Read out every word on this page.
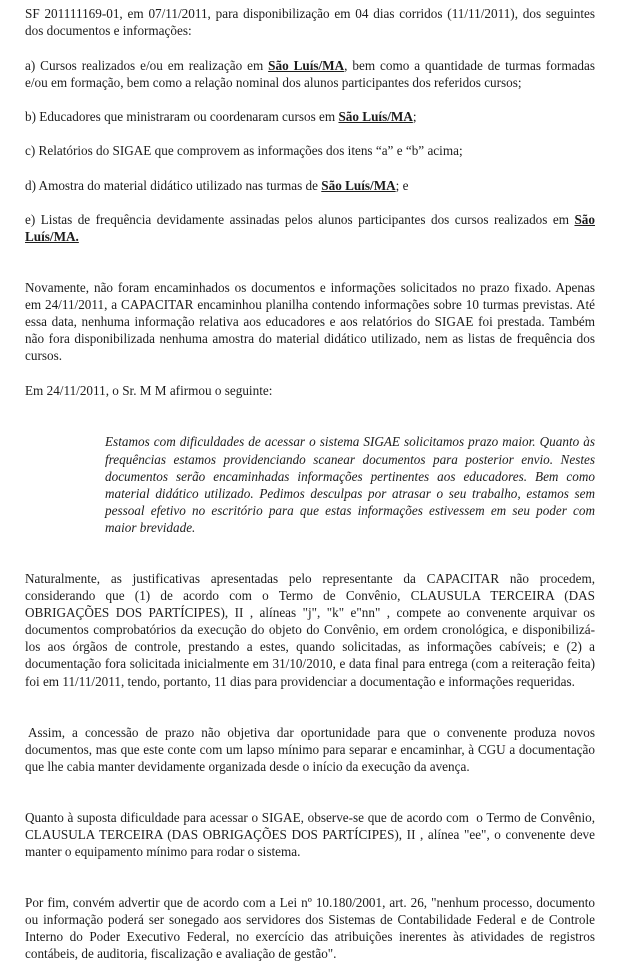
SF 201111169-01, em 07/11/2011, para disponibilização em 04 dias corridos (11/11/2011), dos seguintes dos documentos e informações:

a) Cursos realizados e/ou em realização em São Luís/MA, bem como a quantidade de turmas formadas e/ou em formação, bem como a relação nominal dos alunos participantes dos referidos cursos;

b) Educadores que ministraram ou coordenaram cursos em São Luís/MA;

c) Relatórios do SIGAE que comprovem as informações dos itens “a” e “b” acima;

d) Amostra do material didático utilizado nas turmas de São Luís/MA; e

e) Listas de frequência devidamente assinadas pelos alunos participantes dos cursos realizados em São Luís/MA.

Novamente, não foram encaminhados os documentos e informações solicitados no prazo fixado. Apenas em 24/11/2011, a CAPACITAR encaminhou planilha contendo informações sobre 10 turmas previstas. Até essa data, nenhuma informação relativa aos educadores e aos relatórios do SIGAE foi prestada. Também não fora disponibilizada nenhuma amostra do material didático utilizado, nem as listas de frequência dos cursos.

Em 24/11/2011, o Sr. M M afirmou o seguinte:

Estamos com dificuldades de acessar o sistema SIGAE solicitamos prazo maior. Quanto às frequências estamos providenciando scanear documentos para posterior envio. Nestes documentos serão encaminhadas informações pertinentes aos educadores. Bem como material didático utilizado. Pedimos desculpas por atrasar o seu trabalho, estamos sem pessoal efetivo no escritório para que estas informações estivessem em seu poder com maior brevidade.

Naturalmente, as justificativas apresentadas pelo representante da CAPACITAR não procedem, considerando que (1) de acordo com o Termo de Convênio, CLAUSULA TERCEIRA (DAS OBRIGAÇÕES DOS PARTÍCIPES), II , alíneas "j", "k" e"nn" , compete ao convenente arquivar os documentos comprobatórios da execução do objeto do Convênio, em ordem cronológica, e disponibilizá-los aos órgãos de controle, prestando a estes, quando solicitadas, as informações cabíveis; e (2) a documentação fora solicitada inicialmente em 31/10/2010, e data final para entrega (com a reiteração feita) foi em 11/11/2011, tendo, portanto, 11 dias para providenciar a documentação e informações requeridas.

Assim, a concessão de prazo não objetiva dar oportunidade para que o convenente produza novos documentos, mas que este conte com um lapso mínimo para separar e encaminhar, à CGU a documentação que lhe cabia manter devidamente organizada desde o início da execução da avença.

Quanto à suposta dificuldade para acessar o SIGAE, observe-se que de acordo com  o Termo de Convênio, CLAUSULA TERCEIRA (DAS OBRIGAÇÕES DOS PARTÍCIPES), II , alínea "ee", o convenente deve manter o equipamento mínimo para rodar o sistema.

Por fim, convém advertir que de acordo com a Lei nº 10.180/2001, art. 26, "nenhum processo, documento ou informação poderá ser sonegado aos servidores dos Sistemas de Contabilidade Federal e de Controle Interno do Poder Executivo Federal, no exercício das atribuições inerentes às atividades de registros contábeis, de auditoria, fiscalização e avaliação de gestão".
